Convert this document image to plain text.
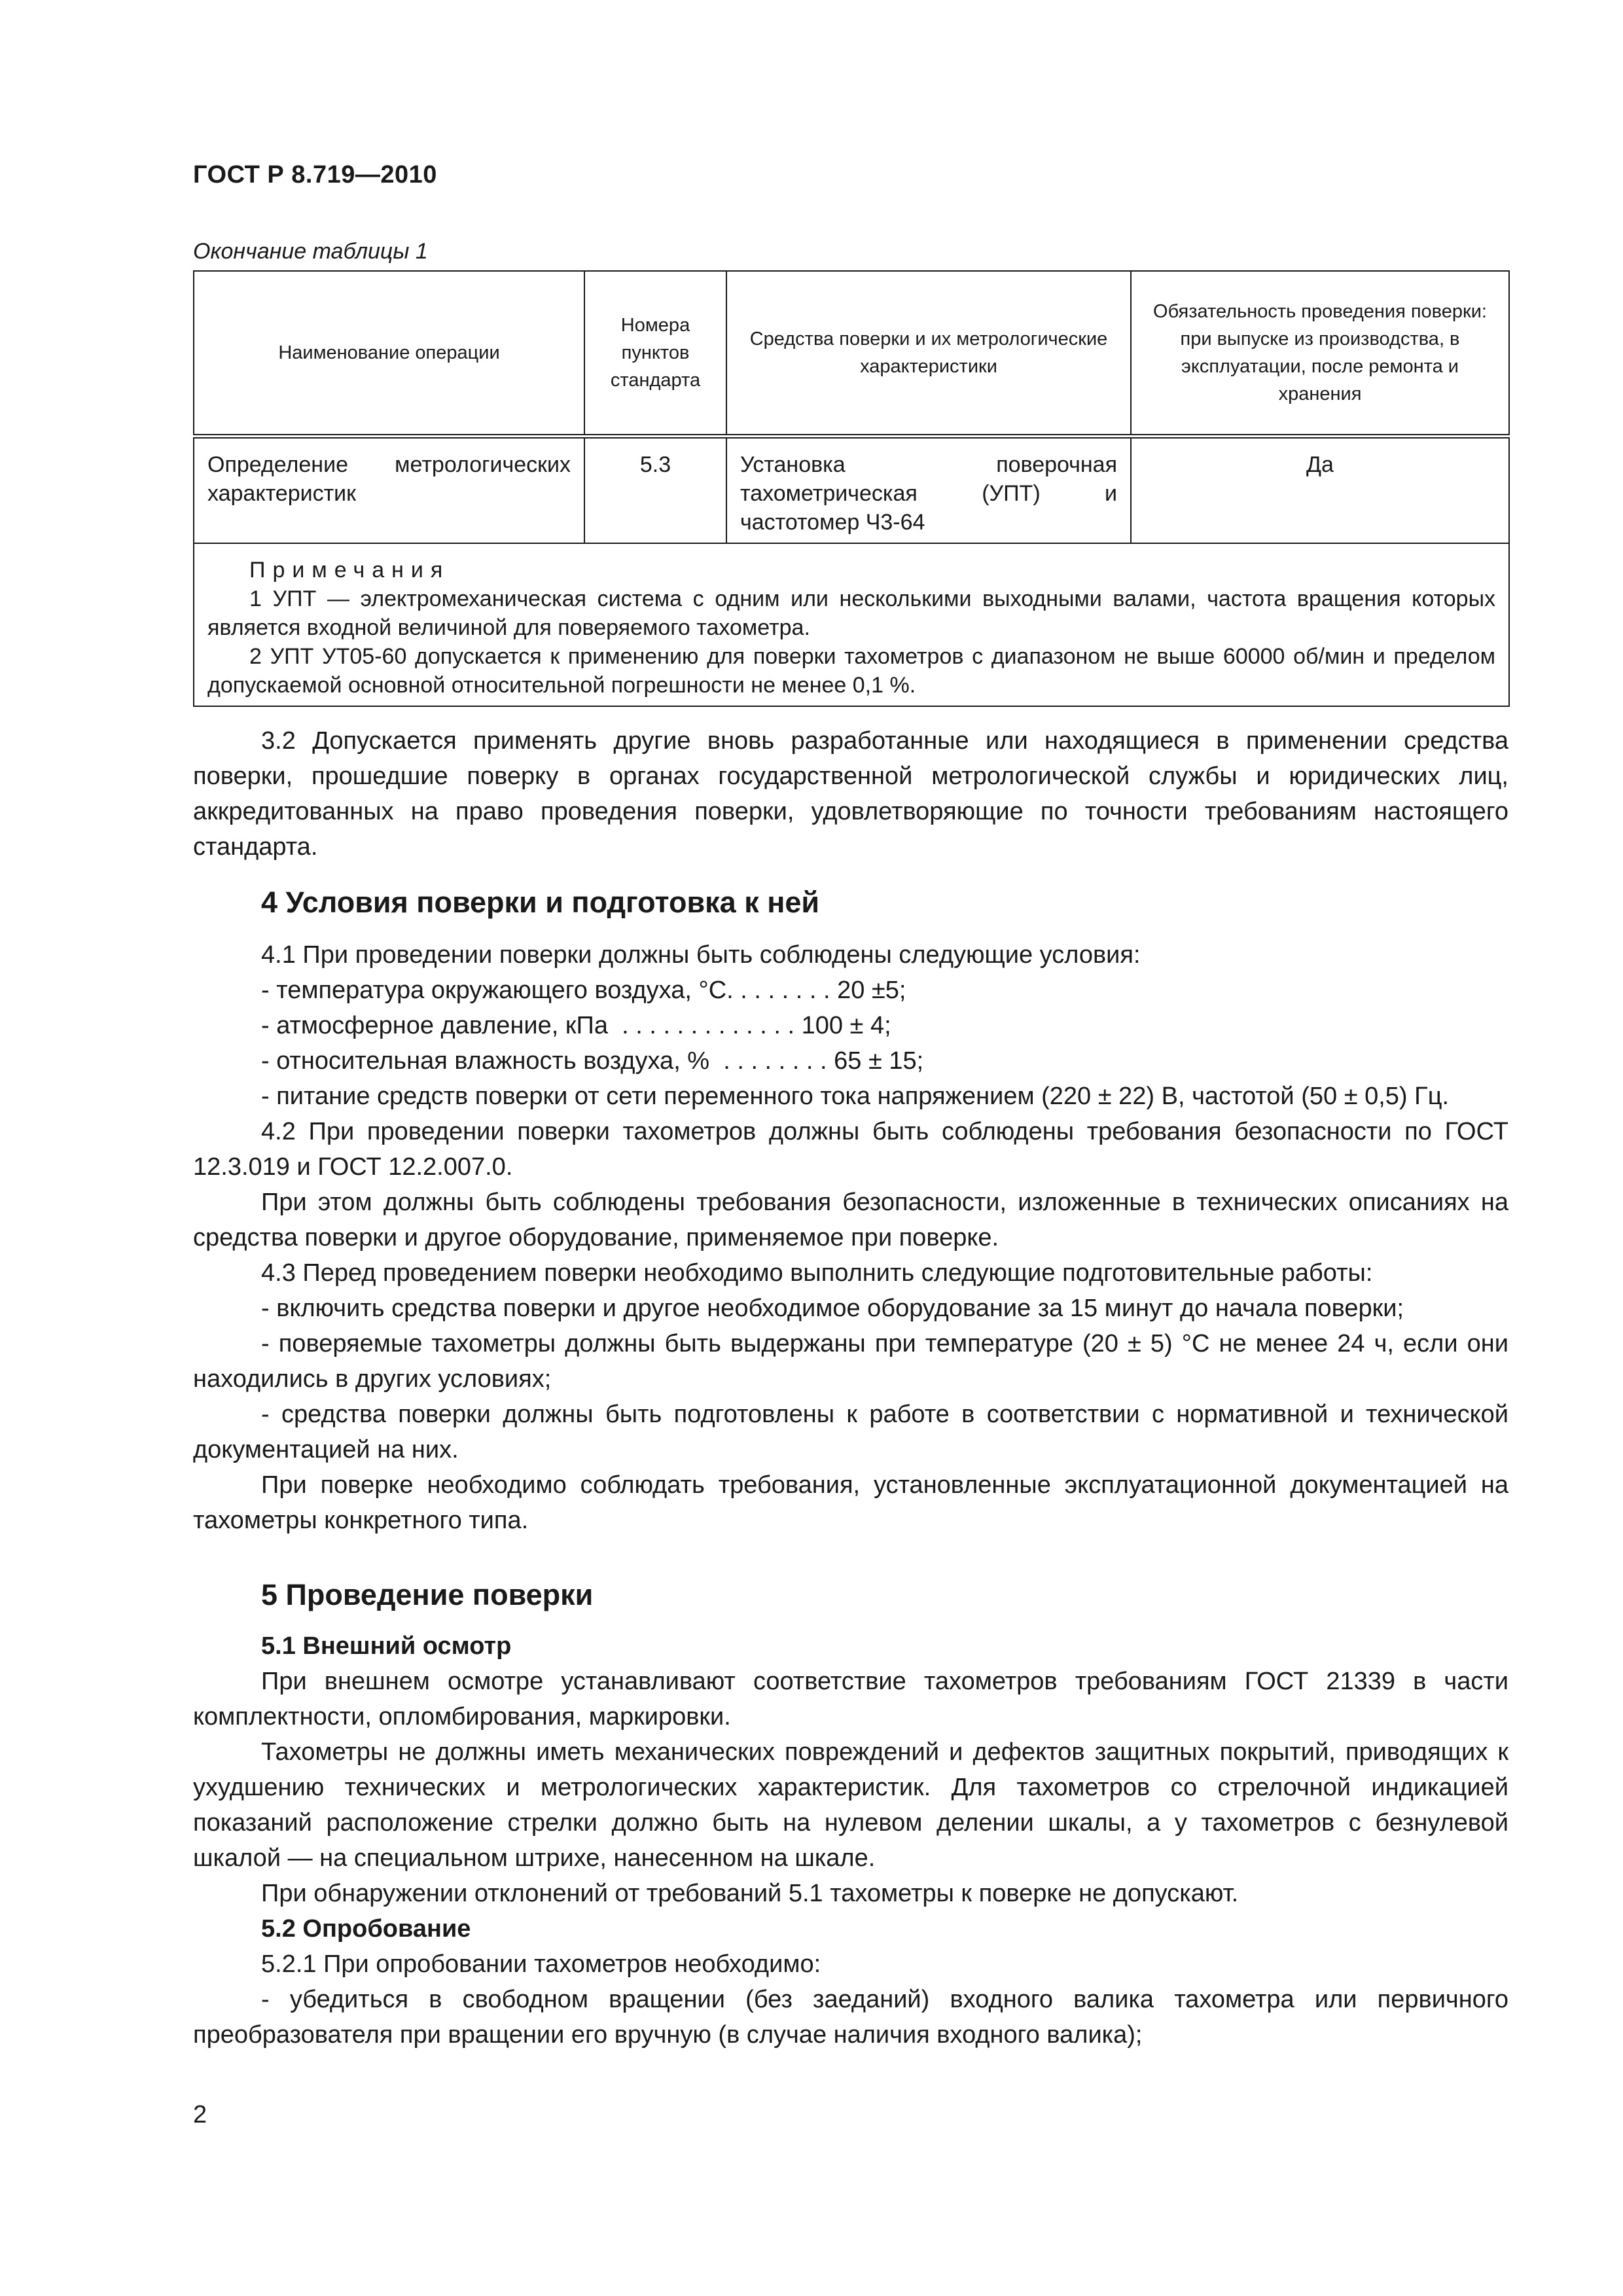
ГОСТ Р 8.719—2010
Окончание таблицы 1
Наименование операции	Номера пунктов стандарта	Средства поверки и их метрологические характеристики	Обязательность проведения поверки: при выпуске из производства, в эксплуатации, после ремонта и хранения
Определение метрологических характеристик	5.3	Установка поверочная тахометрическая (УПТ) и частотомер Ч3-64	Да

Примечания
1 УПТ — электромеханическая система с одним или несколькими выходными валами, частота вращения которых является входной величиной для поверяемого тахометра.
2 УПТ УТ05-60 допускается к применению для поверки тахометров с диапазоном не выше 60000 об/мин и пределом допускаемой основной относительной погрешности не менее 0,1 %.			

3.2 Допускается применять другие вновь разработанные или находящиеся в применении средства поверки, прошедшие поверку в органах государственной метрологической службы и юридических лиц, аккредитованных на право проведения поверки, удовлетворяющие по точности требованиям настоящего стандарта.

4 Условия поверки и подготовка к ней

4.1 При проведении поверки должны быть соблюдены следующие условия:

- температура окружающего воздуха, °С. . . . . . . . 20 ±5;

- атмосферное давление, кПа  . . . . . . . . . . . . . 100 ± 4;

- относительная влажность воздуха, %  . . . . . . . . 65 ± 15;

- питание средств поверки от сети переменного тока напряжением (220 ± 22) В, частотой (50 ± 0,5) Гц.

4.2 При проведении поверки тахометров должны быть соблюдены требования безопасности по ГОСТ 12.3.019 и ГОСТ 12.2.007.0.

При этом должны быть соблюдены требования безопасности, изложенные в технических описаниях на средства поверки и другое оборудование, применяемое при поверке.

4.3 Перед проведением поверки необходимо выполнить следующие подготовительные работы:

- включить средства поверки и другое необходимое оборудование за 15 минут до начала поверки;

- поверяемые тахометры должны быть выдержаны при температуре (20 ± 5) °С не менее 24 ч, если они находились в других условиях;

- средства поверки должны быть подготовлены к работе в соответствии с нормативной и технической документацией на них.

При поверке необходимо соблюдать требования, установленные эксплуатационной документацией на тахометры конкретного типа.

5 Проведение поверки

5.1 Внешний осмотр

При внешнем осмотре устанавливают соответствие тахометров требованиям ГОСТ 21339 в части комплектности, опломбирования, маркировки.

Тахометры не должны иметь механических повреждений и дефектов защитных покрытий, приводящих к ухудшению технических и метрологических характеристик. Для тахометров со стрелочной индикацией показаний расположение стрелки должно быть на нулевом делении шкалы, а у тахометров с безнулевой шкалой — на специальном штрихе, нанесенном на шкале.

При обнаружении отклонений от требований 5.1 тахометры к поверке не допускают.

5.2 Опробование

5.2.1 При опробовании тахометров необходимо:

- убедиться в свободном вращении (без заеданий) входного валика тахометра или первичного преобразователя при вращении его вручную (в случае наличия входного валика);

2
